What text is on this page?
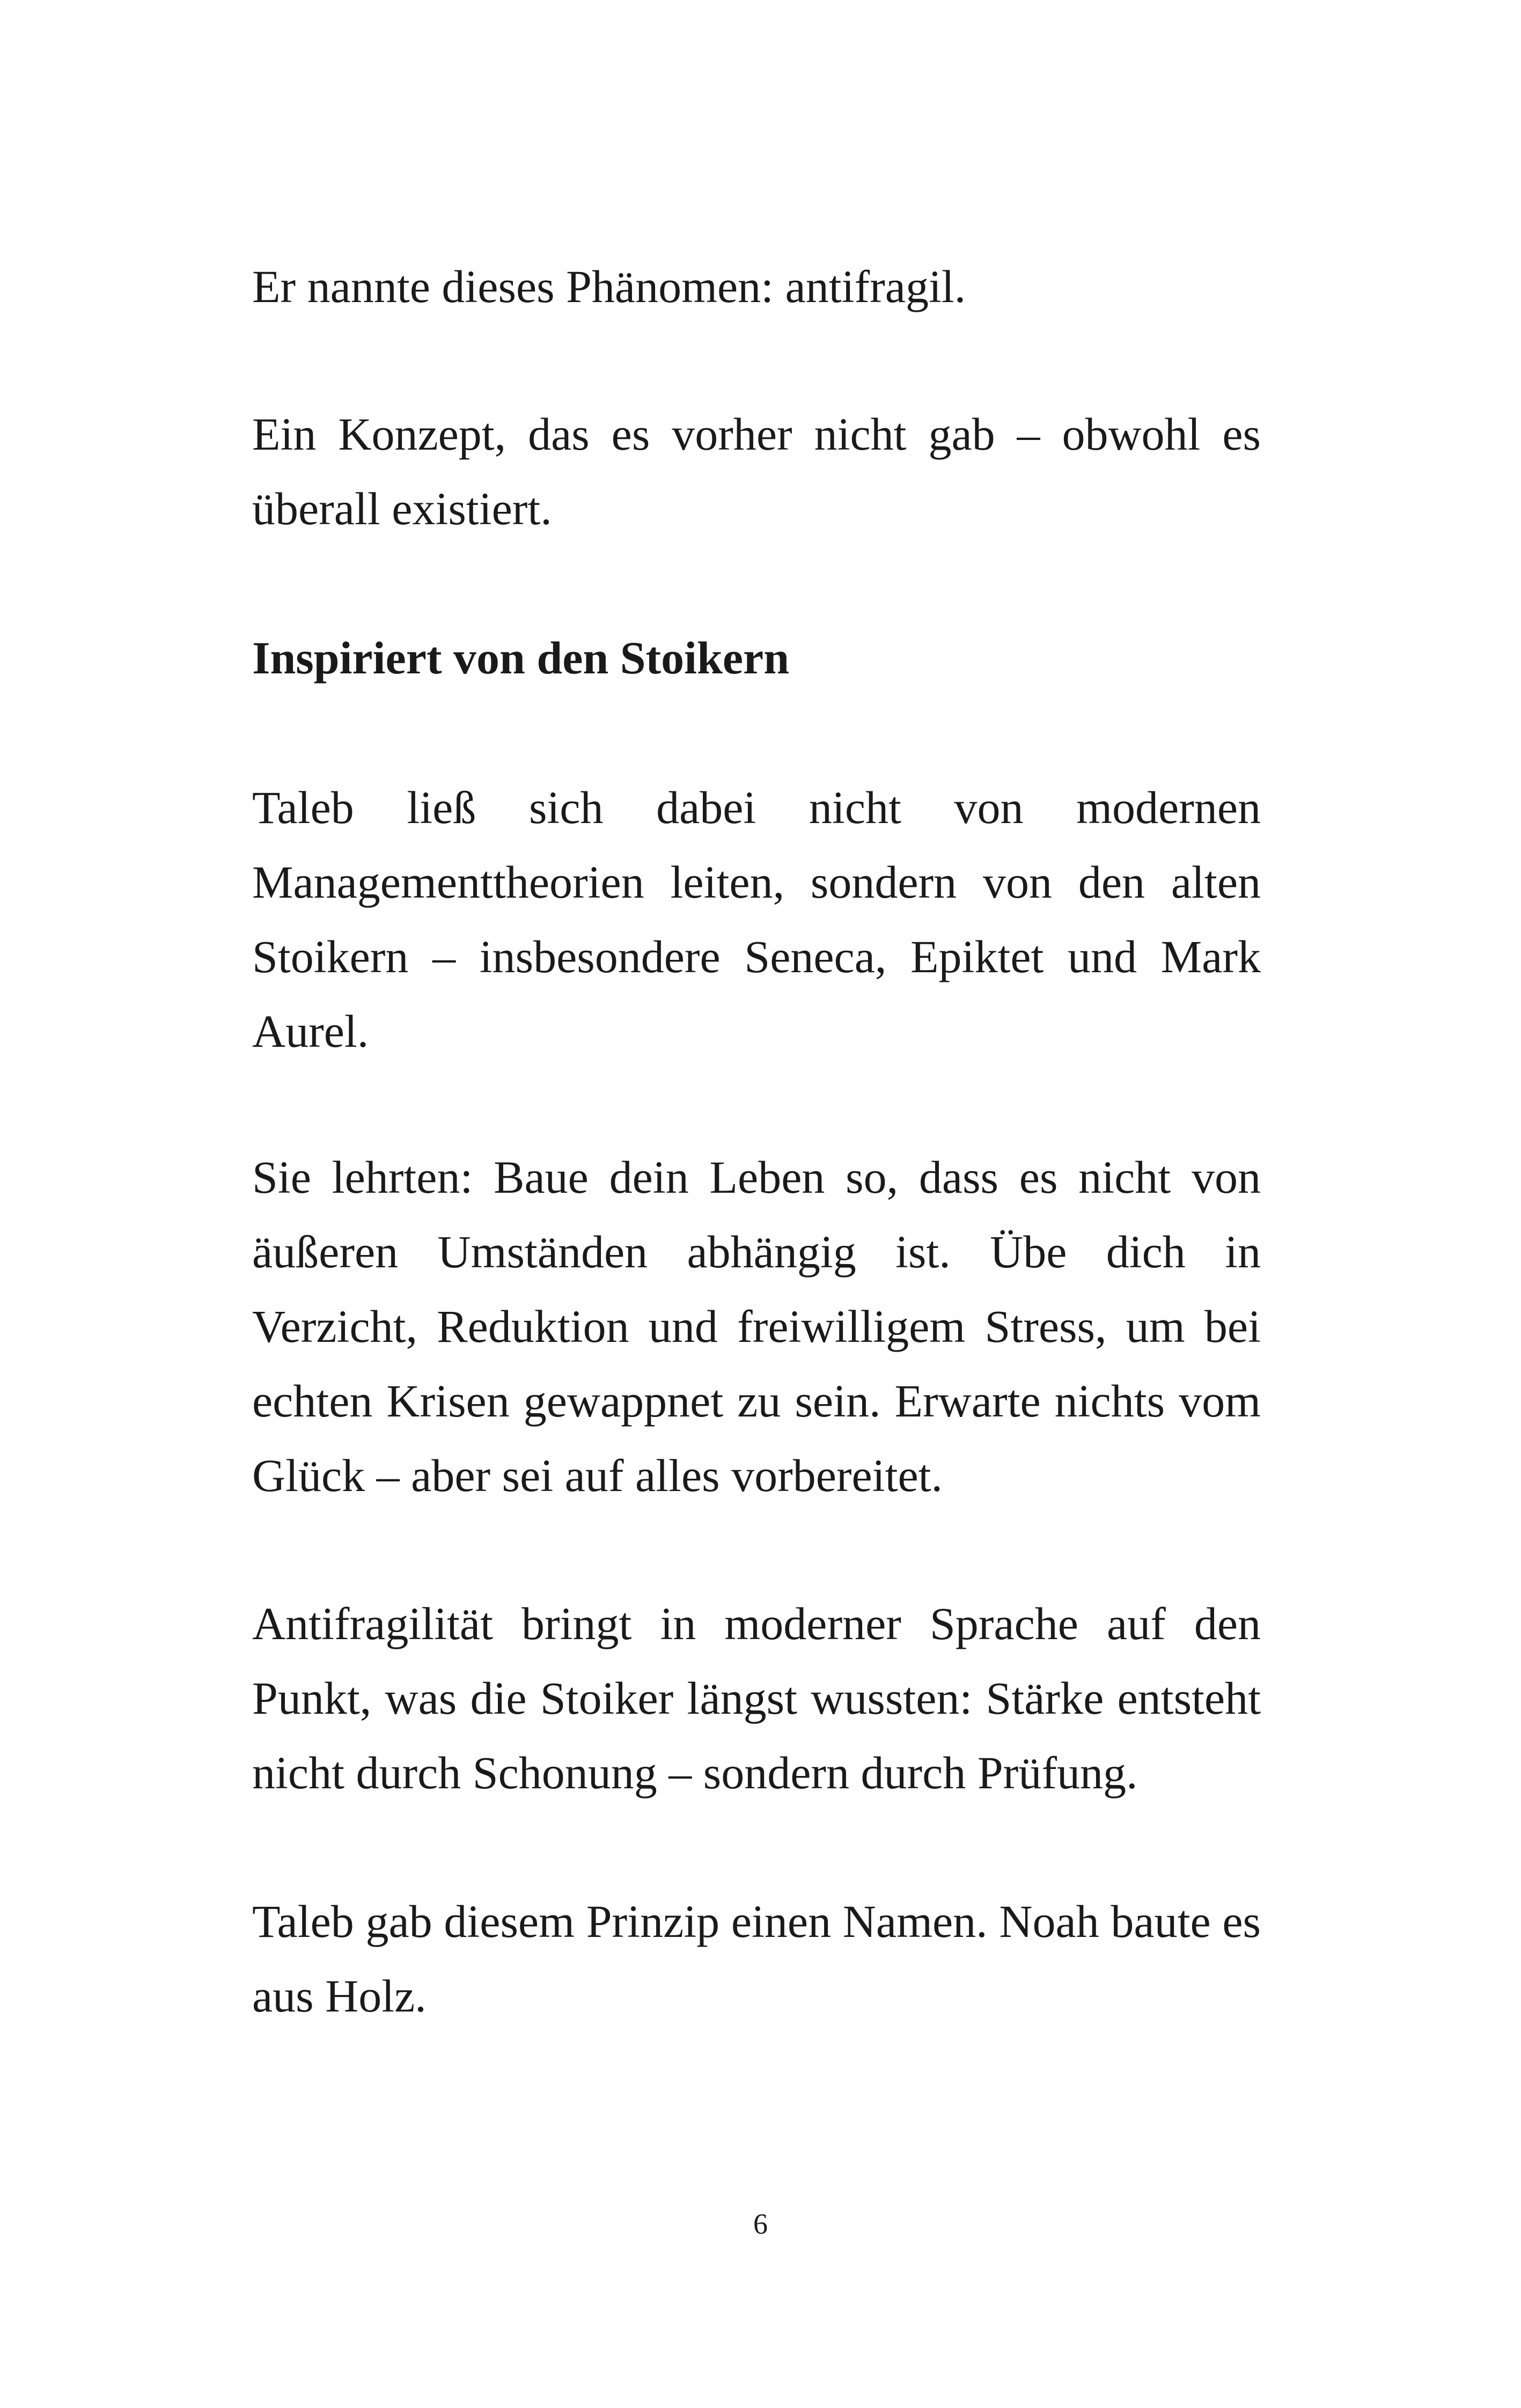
Er nannte dieses Phänomen: antifragil.

Ein Konzept, das es vorher nicht gab – obwohl es überall existiert.

Inspiriert von den Stoikern

Taleb ließ sich dabei nicht von modernen Managementtheorien leiten, sondern von den alten Stoikern – insbesondere Seneca, Epiktet und Mark Aurel.

Sie lehrten: Baue dein Leben so, dass es nicht von äußeren Umständen abhängig ist. Übe dich in Verzicht, Reduktion und freiwilligem Stress, um bei echten Krisen gewappnet zu sein. Erwarte nichts vom Glück – aber sei auf alles vorbereitet.

Antifragilität bringt in moderner Sprache auf den Punkt, was die Stoiker längst wussten: Stärke entsteht nicht durch Schonung – sondern durch Prüfung.

Taleb gab diesem Prinzip einen Namen. Noah baute es aus Holz.

6
